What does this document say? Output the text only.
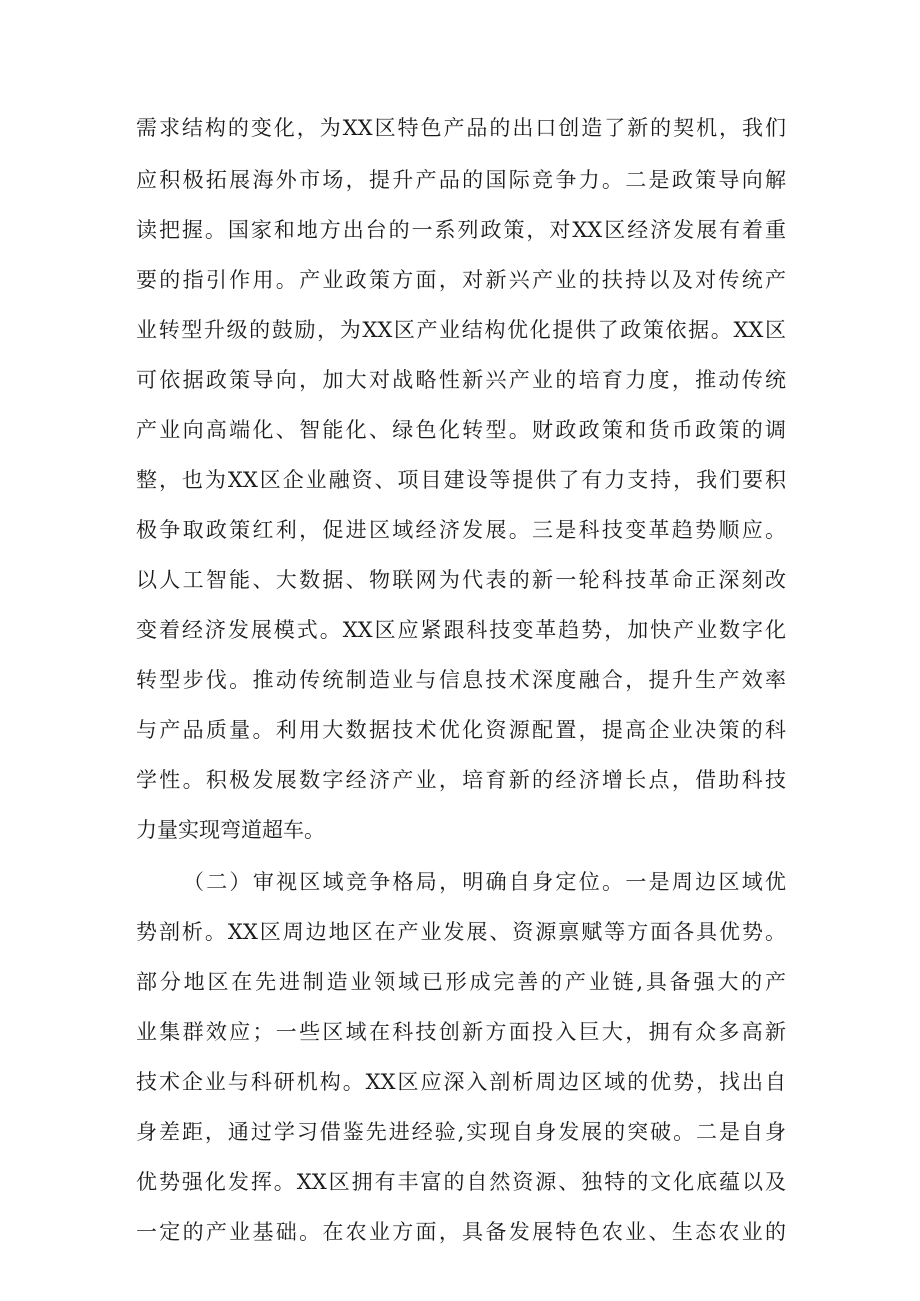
需求结构的变化，为XX区特色产品的出口创造了新的契机，我们
应积极拓展海外市场，提升产品的国际竞争力。二是政策导向解
读把握。国家和地方出台的一系列政策，对XX区经济发展有着重
要的指引作用。产业政策方面，对新兴产业的扶持以及对传统产
业转型升级的鼓励，为XX区产业结构优化提供了政策依据。XX区
可依据政策导向，加大对战略性新兴产业的培育力度，推动传统
产业向高端化、智能化、绿色化转型。财政政策和货币政策的调
整，也为XX区企业融资、项目建设等提供了有力支持，我们要积
极争取政策红利，促进区域经济发展。三是科技变革趋势顺应。
以人工智能、大数据、物联网为代表的新一轮科技革命正深刻改
变着经济发展模式。XX区应紧跟科技变革趋势，加快产业数字化
转型步伐。推动传统制造业与信息技术深度融合，提升生产效率
与产品质量。利用大数据技术优化资源配置，提高企业决策的科
学性。积极发展数字经济产业，培育新的经济增长点，借助科技
力量实现弯道超车。
（二）审视区域竞争格局，明确自身定位。一是周边区域优
势剖析。XX区周边地区在产业发展、资源禀赋等方面各具优势。
部分地区在先进制造业领域已形成完善的产业链,具备强大的产
业集群效应；一些区域在科技创新方面投入巨大，拥有众多高新
技术企业与科研机构。XX区应深入剖析周边区域的优势，找出自
身差距，通过学习借鉴先进经验,实现自身发展的突破。二是自身
优势强化发挥。XX区拥有丰富的自然资源、独特的文化底蕴以及
一定的产业基础。在农业方面，具备发展特色农业、生态农业的
